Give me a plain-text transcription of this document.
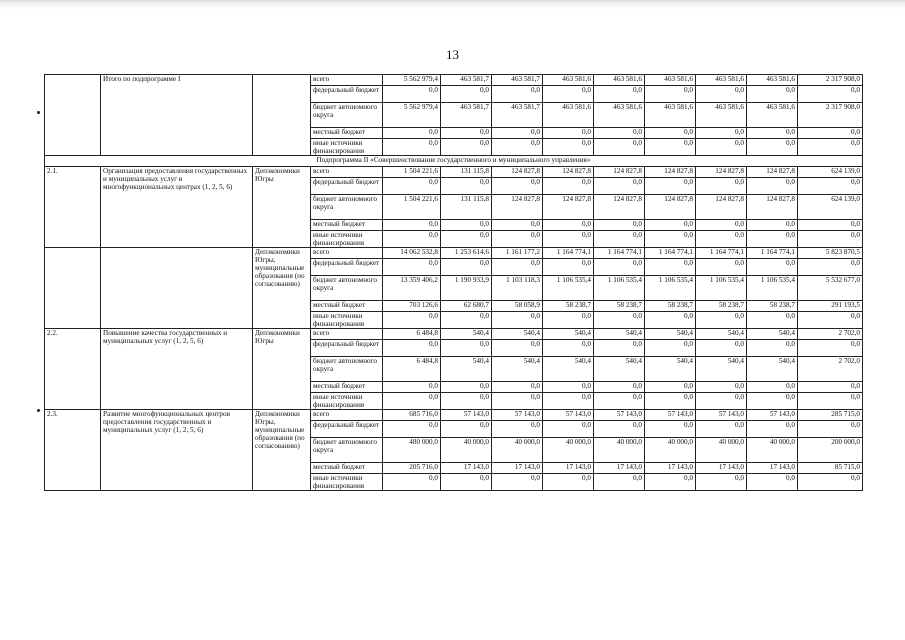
13
	Итого по подпрограмме I		всего	5 562 979,4	463 581,7	463 581,7	463 581,6	463 581,6	463 581,6	463 581,6	463 581,6	2 317 908,0
			федеральный бюджет	0,0	0,0	0,0	0,0	0,0	0,0	0,0	0,0	0,0
			бюджет автономного округа	5 562 979,4	463 581,7	463 581,7	463 581,6	463 581,6	463 581,6	463 581,6	463 581,6	2 317 908,0
			местный бюджет	0,0	0,0	0,0	0,0	0,0	0,0	0,0	0,0	0,0
			иные источники финансирования	0,0	0,0	0,0	0,0	0,0	0,0	0,0	0,0	0,0
Подпрограмма II «Совершенствование государственного и муниципального управления»												
2.1.	Организация предоставления государственных и муниципальных услуг в многофункциональных центрах (1, 2, 5, 6)	Депэкономики Югры	всего	1 504 221,6	131 115,8	124 827,8	124 827,8	124 827,8	124 827,8	124 827,8	124 827,8	624 139,0
			федеральный бюджет	0,0	0,0	0,0	0,0	0,0	0,0	0,0	0,0	0,0
			бюджет автономного округа	1 504 221,6	131 115,8	124 827,8	124 827,8	124 827,8	124 827,8	124 827,8	124 827,8	624 139,0
			местный бюджет	0,0	0,0	0,0	0,0	0,0	0,0	0,0	0,0	0,0
			иные источники финансирования	0,0	0,0	0,0	0,0	0,0	0,0	0,0	0,0	0,0
		Депэкономики Югры, муниципальные образования (по согласованию)	всего	14 062 532,8	1 253 614,6	1 161 177,2	1 164 774,1	1 164 774,1	1 164 774,1	1 164 774,1	1 164 774,1	5 823 870,5
			федеральный бюджет	0,0	0,0	0,0	0,0	0,0	0,0	0,0	0,0	0,0
			бюджет автономного округа	13 359 406,2	1 190 933,9	1 103 118,3	1 106 535,4	1 106 535,4	1 106 535,4	1 106 535,4	1 106 535,4	5 532 677,0
			местный бюджет	703 126,6	62 680,7	58 058,9	58 238,7	58 238,7	58 238,7	58 238,7	58 238,7	291 193,5
			иные источники финансирования	0,0	0,0	0,0	0,0	0,0	0,0	0,0	0,0	0,0
2.2.	Повышение качества государственных и муниципальных услуг (1, 2, 5, 6)	Депэкономики Югры	всего	6 484,8	540,4	540,4	540,4	540,4	540,4	540,4	540,4	2 702,0
			федеральный бюджет	0,0	0,0	0,0	0,0	0,0	0,0	0,0	0,0	0,0
			бюджет автономного округа	6 484,8	540,4	540,4	540,4	540,4	540,4	540,4	540,4	2 702,0
			местный бюджет	0,0	0,0	0,0	0,0	0,0	0,0	0,0	0,0	0,0
			иные источники финансирования	0,0	0,0	0,0	0,0	0,0	0,0	0,0	0,0	0,0
2.3.	Развитие многофункциональных центров предоставления государственных и муниципальных услуг (1, 2, 5, 6)	Депэкономики Югры, муниципальные образования (по согласованию)	всего	685 716,0	57 143,0	57 143,0	57 143,0	57 143,0	57 143,0	57 143,0	57 143,0	285 715,0
			федеральный бюджет	0,0	0,0	0,0	0,0	0,0	0,0	0,0	0,0	0,0
			бюджет автономного округа	480 000,0	40 000,0	40 000,0	40 000,0	40 000,0	40 000,0	40 000,0	40 000,0	200 000,0
			местный бюджет	205 716,0	17 143,0	17 143,0	17 143,0	17 143,0	17 143,0	17 143,0	17 143,0	85 715,0
			иные источники финансирования	0,0	0,0	0,0	0,0	0,0	0,0	0,0	0,0	0,0
